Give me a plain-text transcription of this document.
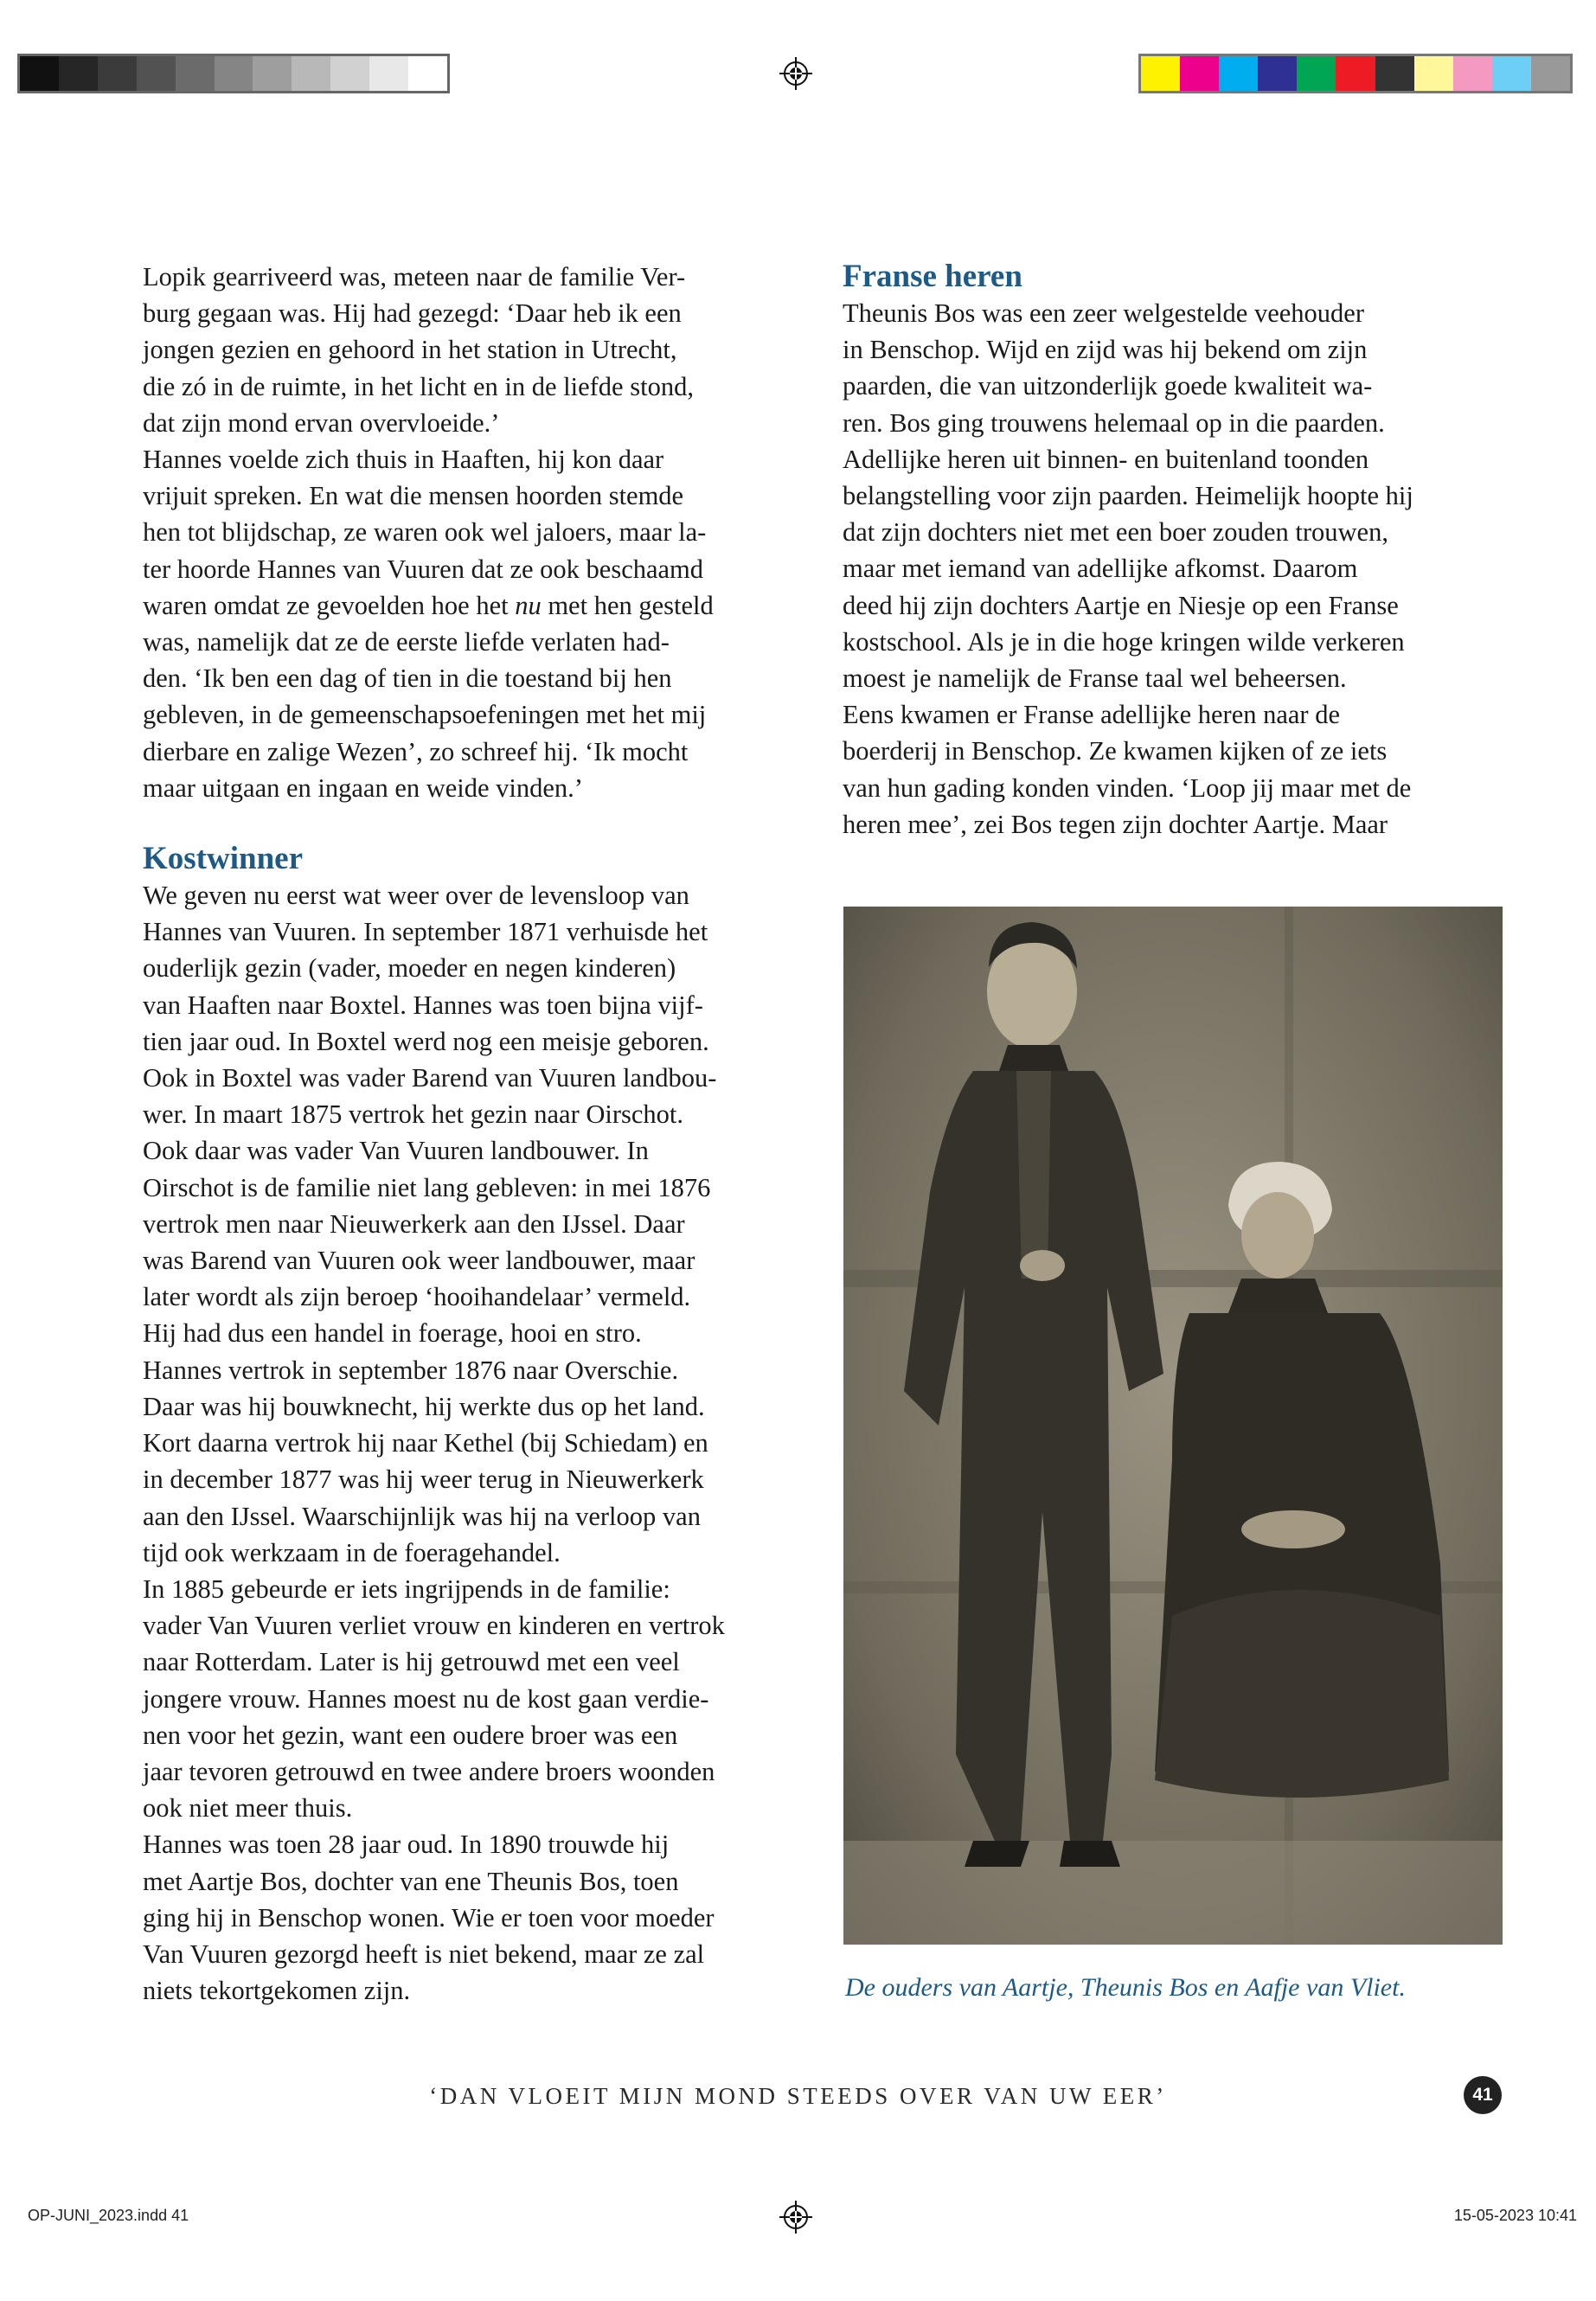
Lopik gearriveerd was, meteen naar de familie Ver-
burg gegaan was. Hij had gezegd: ‘Daar heb ik een
jongen gezien en gehoord in het station in Utrecht,
die zó in de ruimte, in het licht en in de liefde stond,
dat zijn mond ervan overvloeide.’

Hannes voelde zich thuis in Haaften, hij kon daar
vrijuit spreken. En wat die mensen hoorden stemde
hen tot blijdschap, ze waren ook wel jaloers, maar la-
ter hoorde Hannes van Vuuren dat ze ook beschaamd
waren omdat ze gevoelden hoe het nu met hen gesteld
was, namelijk dat ze de eerste liefde verlaten had-
den. ‘Ik ben een dag of tien in die toestand bij hen
gebleven, in de gemeenschapsoefeningen met het mij
dierbare en zalige Wezen’, zo schreef hij. ‘Ik mocht
maar uitgaan en ingaan en weide vinden.’

Kostwinner

We geven nu eerst wat weer over de levensloop van
Hannes van Vuuren. In september 1871 verhuisde het
ouderlijk gezin (vader, moeder en negen kinderen)
van Haaften naar Boxtel. Hannes was toen bijna vijf-
tien jaar oud. In Boxtel werd nog een meisje geboren.
Ook in Boxtel was vader Barend van Vuuren landbou-
wer. In maart 1875 vertrok het gezin naar Oirschot.
Ook daar was vader Van Vuuren landbouwer. In
Oirschot is de familie niet lang gebleven: in mei 1876
vertrok men naar Nieuwerkerk aan den IJssel. Daar
was Barend van Vuuren ook weer landbouwer, maar
later wordt als zijn beroep ‘hooihandelaar’ vermeld.
Hij had dus een handel in foerage, hooi en stro.
Hannes vertrok in september 1876 naar Overschie.
Daar was hij bouwknecht, hij werkte dus op het land.
Kort daarna vertrok hij naar Kethel (bij Schiedam) en
in december 1877 was hij weer terug in Nieuwerkerk
aan den IJssel. Waarschijnlijk was hij na verloop van
tijd ook werkzaam in de foeragehandel.
In 1885 gebeurde er iets ingrijpends in de familie:
vader Van Vuuren verliet vrouw en kinderen en vertrok
naar Rotterdam. Later is hij getrouwd met een veel
jongere vrouw. Hannes moest nu de kost gaan verdie-
nen voor het gezin, want een oudere broer was een
jaar tevoren getrouwd en twee andere broers woonden
ook niet meer thuis.
Hannes was toen 28 jaar oud. In 1890 trouwde hij
met Aartje Bos, dochter van ene Theunis Bos, toen
ging hij in Benschop wonen. Wie er toen voor moeder
Van Vuuren gezorgd heeft is niet bekend, maar ze zal
niets tekortgekomen zijn.

Franse heren

Theunis Bos was een zeer welgestelde veehouder
in Benschop. Wijd en zijd was hij bekend om zijn
paarden, die van uitzonderlijk goede kwaliteit wa-
ren. Bos ging trouwens helemaal op in die paarden.
Adellijke heren uit binnen- en buitenland toonden
belangstelling voor zijn paarden. Heimelijk hoopte hij
dat zijn dochters niet met een boer zouden trouwen,
maar met iemand van adellijke afkomst. Daarom
deed hij zijn dochters Aartje en Niesje op een Franse
kostschool. Als je in die hoge kringen wilde verkeren
moest je namelijk de Franse taal wel beheersen.
Eens kwamen er Franse adellijke heren naar de
boerderij in Benschop. Ze kwamen kijken of ze iets
van hun gading konden vinden. ‘Loop jij maar met de
heren mee’, zei Bos tegen zijn dochter Aartje. Maar

De ouders van Aartje, Theunis Bos en Aafje van Vliet.
‘DAN VLOEIT MIJN MOND STEEDS OVER VAN UW EER’	41
OP-JUNI_2023.indd 41	15-05-2023 10:41
